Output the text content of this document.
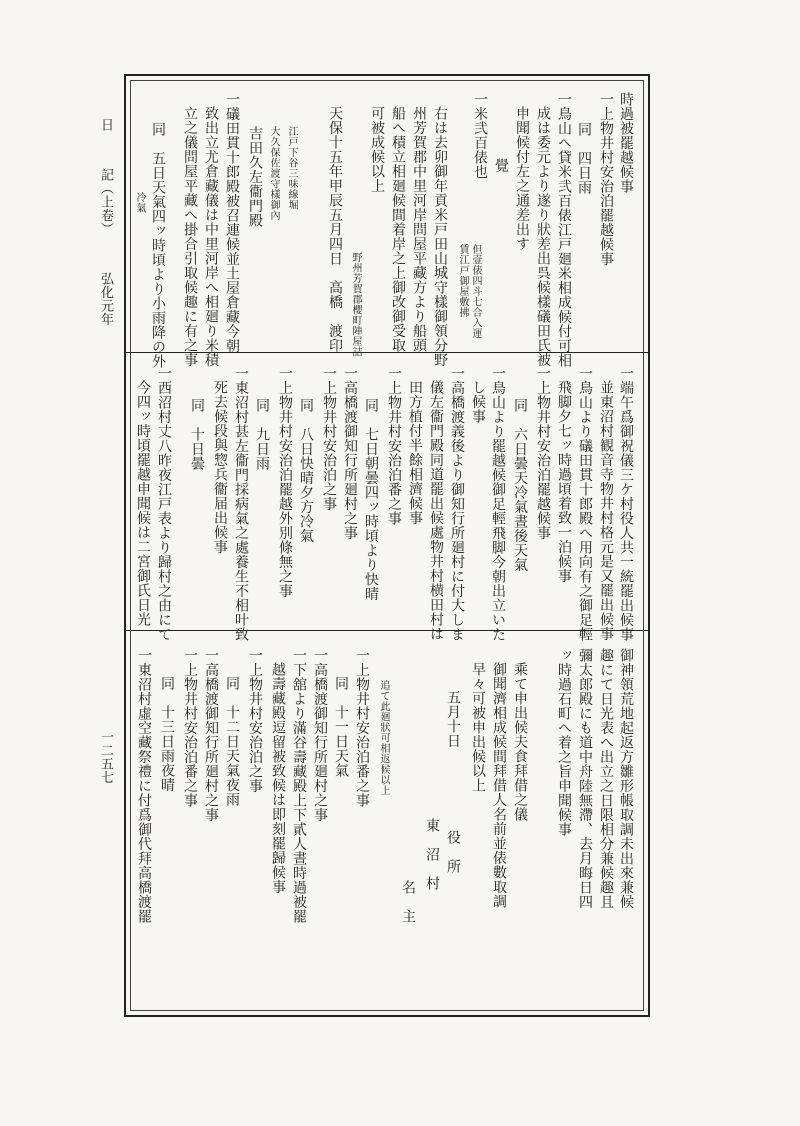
日
記（上卷）
弘化元年
一二五七
時過被罷越候事
一上物井村安治泊罷越候事
同　四日雨
一鳥山へ貸米弐百俵江戸廻米相成候付可相
成は委元より遂り狀差出呉候樣礒田氏被
申聞候付左之通差出す
覺
一米弐百俵也
但壹俵四斗七合入運
賃江戸御屋敷拂
右は去卯御年貢米戸田山城守樣御領分野
州芳賀郡中里河岸問屋平藏方より船頭
船へ積立相廻候間着岸之上御改御受取
可被成候以上
野州芳賀郡櫻町陣屋詰
天保十五年甲辰五月四日　高橋　渡印
江戸下谷三味線堀
大久保佐渡守樣御內
吉田久左衞門殿
一礒田貫十郎殿被召連候並土屋倉藏今朝
致出立尤倉藏儀は中里河岸へ相廻り米積
立之儀問屋平藏へ掛合引取候趣に有之事
同　五日天氣四ッ時頃より小雨降の外
冷氣
一端午爲御祝儀三ケ村役人共一統罷出候事
並東沼村観音寺物井村格元是又罷出候事
一鳥山より礒田貫十郎殿へ用向有之御足輕
飛脚夕七ッ時過頃着致一泊候事
一上物井村安治泊罷越候事
同　六日曇天冷氣晝後天氣
一鳥山より罷越候御足輕飛脚今朝出立いた
し候事
一高橋渡義後より御知行所廻村に付大しま
儀左衞門殿同道罷出候處物井村横田村は
田方植付半餘相濟候事
一上物井村安治泊番之事
同　七日朝曇四ッ時頃より快晴
一高橋渡御知行所廻村之事
一上物井村安治泊之事
同　八日快晴夕方冷氣
一上物井村安治泊罷越外別條無之事
同　九日雨
一東沼村甚左衞門採病氣之處養生不相叶致
死去候段與惣兵衞届出候事
同　十日曇
一西沼村丈八昨夜江戸表より歸村之由にて
今四ッ時頃罷越申聞候は二宮御氏日光
御神領荒地起返方雛形帳取調未出來兼候
趣にて日光表へ出立之日限相分兼候趣且
彌太郎殿にも道中舟陸無滯、去月晦日四
ッ時過石町へ着之旨申聞候事
乘て申出候夫食拜借之儀
御聞濟相成候間拜借人名前並俵數取調
早々可被申出候以上
五月十日
役　所
東　沼　村
名　主
追て此廻狀可相返候以上
一上物井村安治泊番之事
同　十一日天氣
一高橋渡御知行所廻村之事
一下舘より滿谷壽藏殿上下貳人晝時過被罷
越壽藏殿逗留被致候は即刻罷歸候事
一上物井村安治泊之事
同　十二日天氣夜雨
一高橋渡御知行所廻村之事
一上物井村安治泊番之事
同　十三日雨夜晴
一東沼村虛空藏祭禮に付爲御代拜高橋渡罷
